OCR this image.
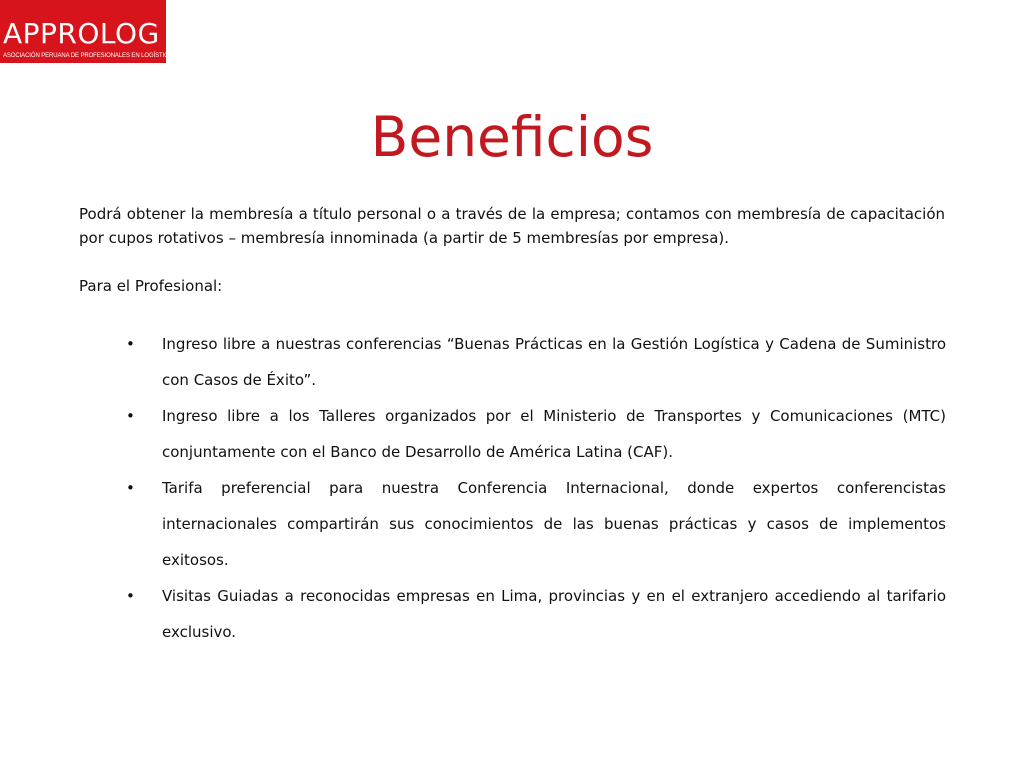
APPROLOG
ASOCIACIÓN PERUANA DE PROFESIONALES EN LOGÍSTICA
Beneficios

Podrá obtener la membresía a título personal o a través de la empresa; contamos con membresía de capacitación por cupos rotativos – membresía innominada (a partir de 5 membresías por empresa).

Para el Profesional:

• Ingreso libre a nuestras conferencias “Buenas Prácticas en la Gestión Logística y Cadena de Suministro con Casos de Éxito”.
• Ingreso libre a los Talleres organizados por el Ministerio de Transportes y Comunicaciones (MTC) conjuntamente con el Banco de Desarrollo de América Latina (CAF).
• Tarifa preferencial para nuestra Conferencia Internacional, donde expertos conferencistas internacionales compartirán sus conocimientos de las buenas prácticas y casos de implementos exitosos.
• Visitas Guiadas a reconocidas empresas en Lima, provincias y en el extranjero accediendo al tarifario exclusivo.
